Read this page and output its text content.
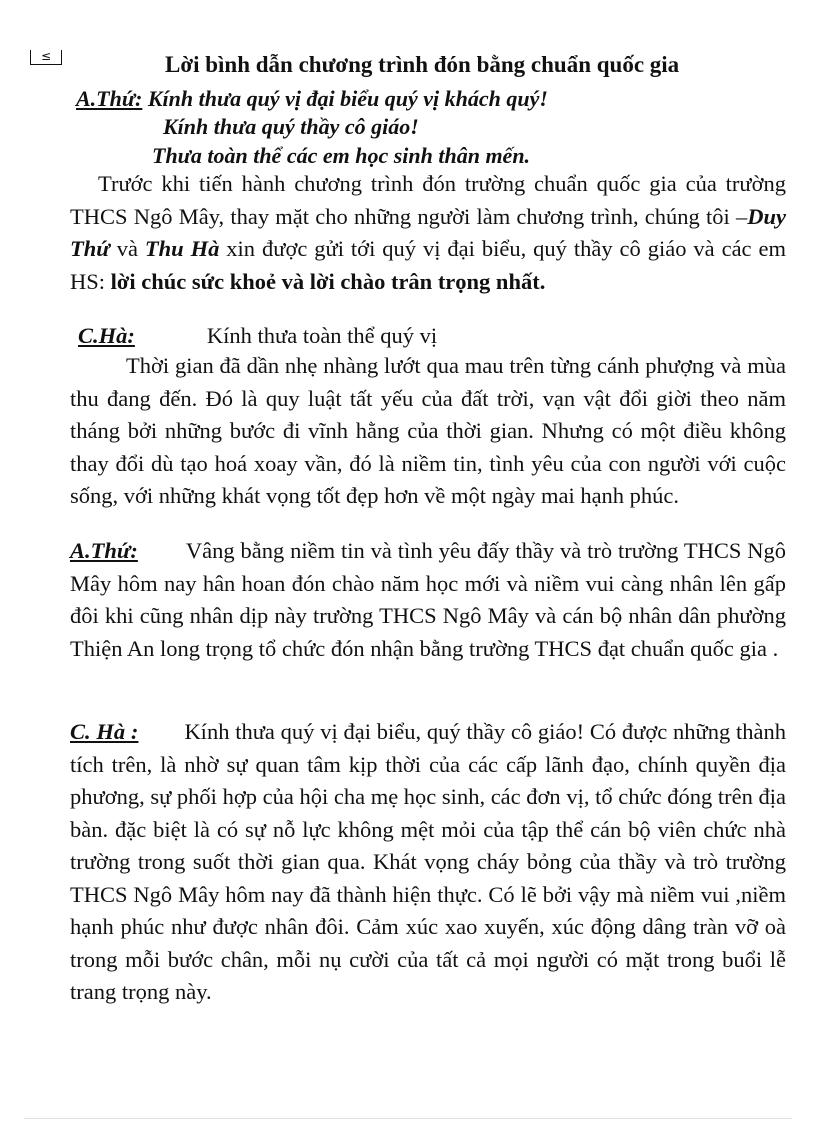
≤	Lời bình dẫn chương trình đón bằng chuẩn quốc gia
A.Thứ: Kính thưa quý vị đại biểu quý vị khách quý!
Kính thưa quý thầy cô giáo!
Thưa toàn thể các em học sinh thân mến.
Trước khi tiến hành chương trình đón trường chuẩn quốc gia của trường THCS Ngô Mây, thay mặt cho những người làm chương trình, chúng tôi –Duy Thứ và Thu Hà xin được gửi tới quý vị đại biểu, quý thầy cô giáo và các em HS: lời chúc sức khoẻ và lời chào trân trọng nhất.
C.Hà:	Kính thưa toàn thể quý vị
Thời gian đã dần nhẹ nhàng lướt qua mau trên từng cánh phượng và mùa thu đang đến. Đó là quy luật tất yếu của đất trời, vạn vật đổi giời theo năm tháng bởi những bước đi vĩnh hằng của thời gian. Nhưng có một điều không thay đổi dù tạo hoá xoay vần, đó là niềm tin, tình yêu của con người với cuộc sống, với những khát vọng tốt đẹp hơn về một ngày mai hạnh phúc.
A.Thứ: Vâng bằng niềm tin và tình yêu đấy thầy và trò trường THCS Ngô Mây hôm nay hân hoan đón chào năm học mới và niềm vui càng nhân lên gấp đôi khi cũng nhân dịp này trường THCS Ngô Mây và cán bộ nhân dân phường Thiện An long trọng tổ chức đón nhận bằng trường THCS đạt chuẩn quốc gia .
C. Hà : Kính thưa quý vị đại biểu, quý thầy cô giáo! Có được những thành tích trên, là nhờ sự quan tâm kịp thời của các cấp lãnh đạo, chính quyền địa phương, sự phối hợp của hội cha mẹ học sinh, các đơn vị, tổ chức đóng trên địa bàn. đặc biệt là có sự nỗ lực không mệt mỏi của tập thể cán bộ viên chức nhà trường trong suốt thời gian qua. Khát vọng cháy bỏng của thầy và trò trường THCS Ngô Mây hôm nay đã thành hiện thực. Có lẽ bởi vậy mà niềm vui ,niềm hạnh phúc như được nhân đôi. Cảm xúc xao xuyến, xúc động dâng tràn vỡ oà trong mỗi bước chân, mỗi nụ cười của tất cả mọi người có mặt trong buổi lễ trang trọng này.
